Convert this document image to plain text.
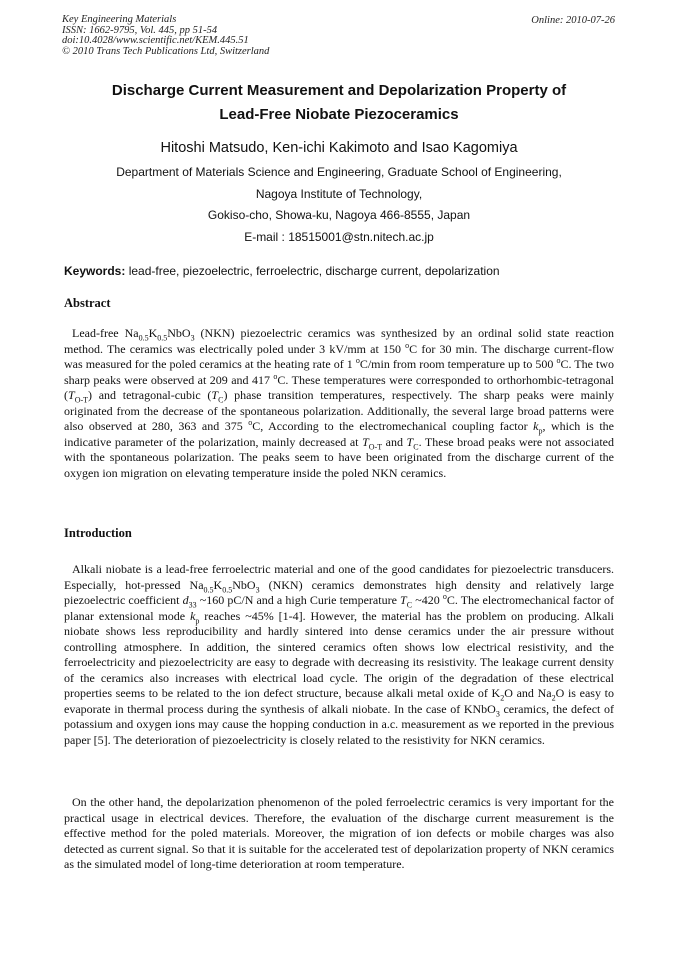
Key Engineering Materials
ISSN: 1662-9795, Vol. 445, pp 51-54
doi:10.4028/www.scientific.net/KEM.445.51
© 2010 Trans Tech Publications Ltd, Switzerland
Online: 2010-07-26
Discharge Current Measurement and Depolarization Property of
Lead-Free Niobate Piezoceramics
Hitoshi Matsudo, Ken-ichi Kakimoto and Isao Kagomiya
Department of Materials Science and Engineering, Graduate School of Engineering,
Nagoya Institute of Technology,
Gokiso-cho, Showa-ku, Nagoya 466-8555, Japan
E-mail : 18515001@stn.nitech.ac.jp
Keywords: lead-free, piezoelectric, ferroelectric, discharge current, depolarization
Abstract
Lead-free $Na_{0.5}K_{0.5}NbO_3$ (NKN) piezoelectric ceramics was synthesized by an ordinal solid state reaction method. The ceramics was electrically poled under 3 kV/mm at 150 $^o$C for 30 min. The discharge current-flow was measured for the poled ceramics at the heating rate of 1 $^o$C/min from room temperature up to 500 $^o$C. The two sharp peaks were observed at 209 and 417 $^o$C. These temperatures were corresponded to orthorhombic-tetragonal $(T_{O-T})$ and tetragonal-cubic $(T_C)$ phase transition temperatures, respectively. The sharp peaks were mainly originated from the decrease of the spontaneous polarization. Additionally, the several large broad patterns were also observed at 280, 363 and 375 $^o$C, According to the electromechanical coupling factor $k_p$, which is the indicative parameter of the polarization, mainly decreased at $T_{O-T}$ and $T_C$. These broad peaks were not associated with the spontaneous polarization. The peaks seem to have been originated from the discharge current of the oxygen ion migration on elevating temperature inside the poled NKN ceramics.
Introduction
Alkali niobate is a lead-free ferroelectric material and one of the good candidates for piezoelectric transducers. Especially, hot-pressed $Na_{0.5}K_{0.5}NbO_3$ (NKN) ceramics demonstrates high density and relatively large piezoelectric coefficient $d_{33}$ ~160 pC/N and a high Curie temperature $T_C$ ~420 $^o$C. The electromechanical factor of planar extensional mode $k_p$ reaches ~45% [1-4]. However, the material has the problem on producing. Alkali niobate shows less reproducibility and hardly sintered into dense ceramics under the air pressure without controlling atmosphere. In addition, the sintered ceramics often shows low electrical resistivity, and the ferroelectricity and piezoelectricity are easy to degrade with decreasing its resistivity. The leakage current density of the ceramics also increases with electrical load cycle. The origin of the degradation of these electrical properties seems to be related to the ion defect structure, because alkali metal oxide of $K_2O$ and $Na_2O$ is easy to evaporate in thermal process during the synthesis of alkali niobate. In the case of KNbO$_3$ ceramics, the defect of potassium and oxygen ions may cause the hopping conduction in a.c. measurement as we reported in the previous paper [5]. The deterioration of piezoelectricity is closely related to the resistivity for NKN ceramics.
On the other hand, the depolarization phenomenon of the poled ferroelectric ceramics is very important for the practical usage in electrical devices. Therefore, the evaluation of the discharge current measurement is the effective method for the poled materials. Moreover, the migration of ion defects or mobile charges was also detected as current signal. So that it is suitable for the accelerated test of depolarization property of NKN ceramics as the simulated model of long-time deterioration at room temperature.
